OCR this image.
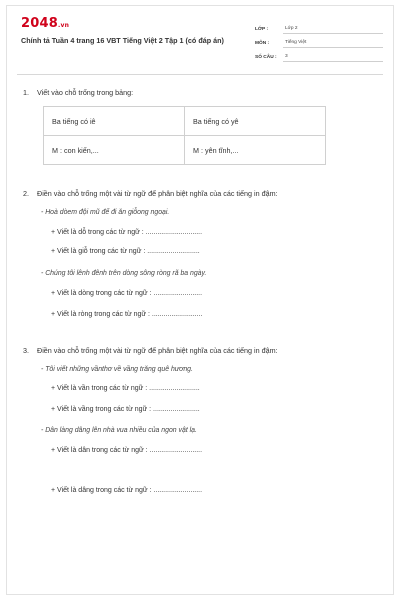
2048.vn
Chính tả Tuần 4 trang 16 VBT Tiếng Việt 2 Tập 1 (có đáp án)
LỚP :	Lớp 2
MÔN :	Tiếng Việt
SỐ CÂU :	3
1. Viết vào chỗ trống trong bảng:
Ba tiếng có iê	Ba tiếng có yê
M : con kiến,...	M : yên tĩnh,...
2. Điền vào chỗ trống một vài từ ngữ để phân biệt nghĩa của các tiếng in đậm:
- Hoà dòem đội mũ để đi ăn giỗong ngoại.
+ Viết là dỗ trong các từ ngữ : .............................
+ Viết là giỗ trong các từ ngữ : ...........................
- Chúng tôi lênh đênh trên dòng sông ròng rã ba ngày.
+ Viết là dòng trong các từ ngữ : .........................
+ Viết là ròng trong các từ ngữ : ..........................
3. Điền vào chỗ trống một vài từ ngữ để phân biệt nghĩa của các tiếng in đậm:
- Tôi viết những vầnthơ về vầng trăng quê hương.
+ Viết là vần trong các từ ngữ : ..........................
+ Viết là vầng trong các từ ngữ : ........................
- Dân làng dâng lên nhà vua nhiều của ngon vật lạ.
+ Viết là dân trong các từ ngữ : ...........................
+ Viết là dâng trong các từ ngữ : .........................
